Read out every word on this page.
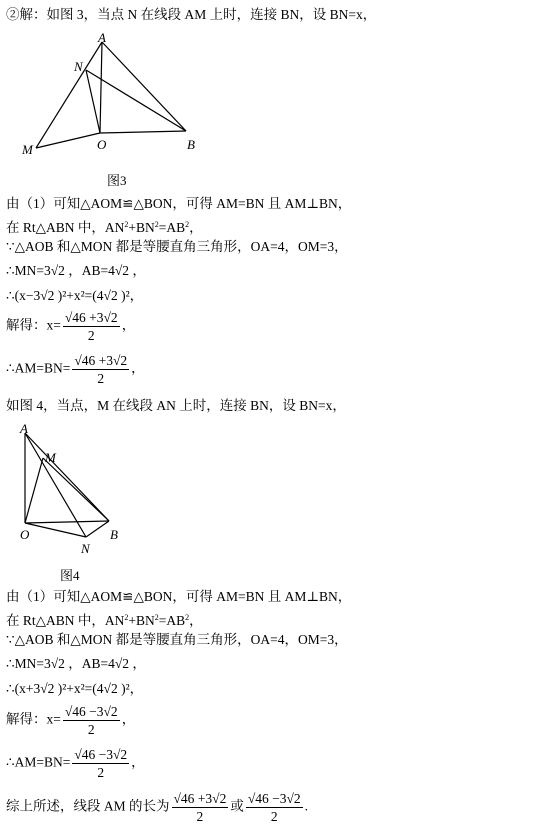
②解：如图 3，当点 N 在线段 AM 上时，连接 BN，设 BN=x，
A
N
M	O	B
图3
由（1）可知△AOM≌△BON，可得 AM=BN 且 AM⊥BN，
在 Rt△ABN 中，$AN^2+BN^2=AB^2$，
∵△AOB 和△MON 都是等腰直角三角形，OA=4，OM=3，
∴MN=3√2 ，AB=4√2 ，
∴(x−3√2 )²+x²=(4√2 )²，
解得：$x= \frac{√46 +3√2}{2}$ ，
∴AM=BN= $\frac{√46 +3√2}{2}$ ，
如图 4，当点，M 在线段 AN 上时，连接 BN，设 BN=x，
A
M
O
N
B
图4
由（1）可知△AOM≌△BON，可得 AM=BN 且 AM⊥BN，
在 Rt△ABN 中，$AN^2+BN^2=AB^2$，
∵△AOB 和△MON 都是等腰直角三角形，OA=4，OM=3，
∴MN=3√2 ，AB=4√2 ，
∴(x+3√2 )²+x²=(4√2 )²，
解得：$x= \frac{√46 -3√2}{2}$ ，
∴AM=BN= $\frac{√46 -3√2}{2}$ ，
综上所述，线段 AM 的长为 $\frac{√46 +3√2}{2}$ 或 $\frac{√46 -3√2}{2}$ .
